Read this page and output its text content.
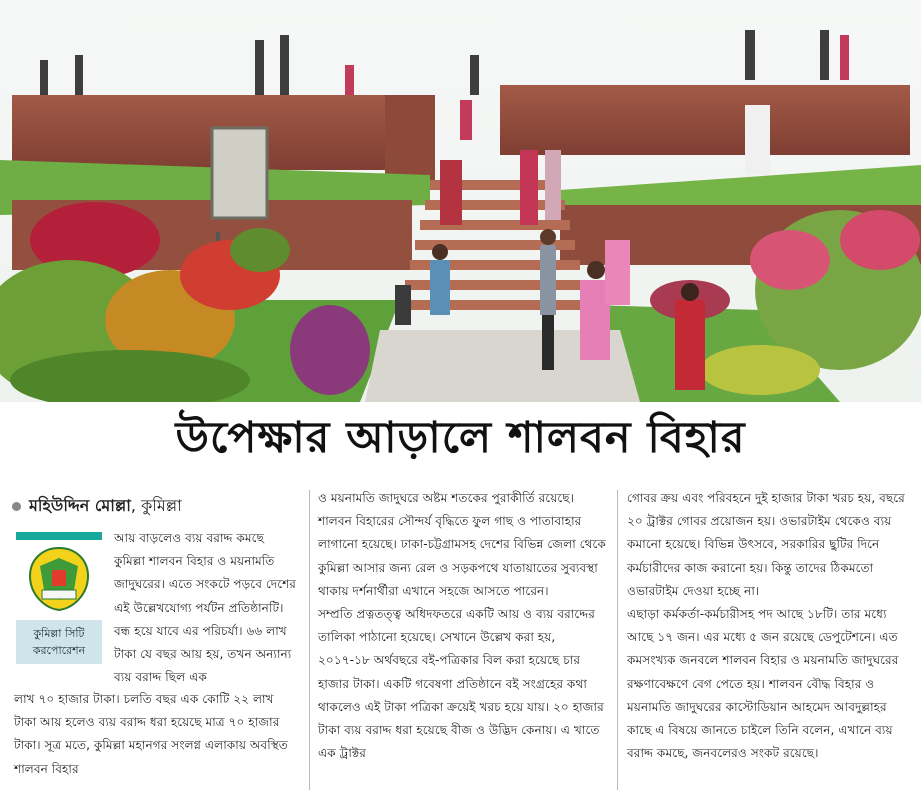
উপেক্ষার আড়ালে শালবন বিহার
মহিউদ্দিন মোল্লা, কুমিল্লা
কুমিল্লা সিটি
করপোরেশন

আয় বাড়লেও ব্যয় বরাদ্দ কমছে কুমিল্লা শালবন বিহার ও ময়নামতি জাদুঘরের। এতে সংকটে পড়বে দেশের এই উল্লেখযোগ্য পর্যটন প্রতিষ্ঠানটি। বন্ধ হয়ে যাবে এর পরিচর্যা। ৬৬ লাখ টাকা যে বছর আয় হয়, তখন অন্যান্য ব্যয় বরাদ্দ ছিল এক

লাখ ৭০ হাজার টাকা। চলতি বছর এক কোটি ২২ লাখ টাকা আয় হলেও ব্যয় বরাদ্দ ধরা হয়েছে মাত্র ৭০ হাজার টাকা। সূত্র মতে, কুমিল্লা মহানগর সংলগ্ন এলাকায় অবস্থিত শালবন বিহার

ও ময়নামতি জাদুঘরে অষ্টম শতকের পুরাকীর্তি রয়েছে। শালবন বিহারের সৌন্দর্য বৃদ্ধিতে ফুল গাছ ও পাতাবাহার লাগানো হয়েছে। ঢাকা-চট্টগ্রামসহ দেশের বিভিন্ন জেলা থেকে কুমিল্লা আসার জন্য রেল ও সড়কপথে যাতায়াতের সুব্যবস্থা থাকায় দর্শনার্থীরা এখানে সহজে আসতে পারেন।

সম্প্রতি প্রত্নতত্ত্ব অধিদফতরে একটি আয় ও ব্যয় বরাদ্দের তালিকা পাঠানো হয়েছে। সেখানে উল্লেখ করা হয়, ২০১৭-১৮ অর্থবছরে বই-পত্রিকার বিল করা হয়েছে চার হাজার টাকা। একটি গবেষণা প্রতিষ্ঠানে বই সংগ্রহের কথা থাকলেও এই টাকা পত্রিকা ক্রয়েই খরচ হয়ে যায়। ২০ হাজার টাকা ব্যয় বরাদ্দ ধরা হয়েছে বীজ ও উদ্ভিদ কেনায়। এ খাতে এক ট্রাক্টর

গোবর ক্রয় এবং পরিবহনে দুই হাজার টাকা খরচ হয়, বছরে ২০ ট্রাক্টর গোবর প্রয়োজন হয়। ওভারটাইম থেকেও ব্যয় কমানো হয়েছে। বিভিন্ন উৎসবে, সরকারির ছুটির দিনে কর্মচারীদের কাজ করানো হয়। কিন্তু তাদের ঠিকমতো ওভারটাইম দেওয়া হচ্ছে না।

এছাড়া কর্মকর্তা-কর্মচারীসহ পদ আছে ১৮টি। তার মধ্যে আছে ১৭ জন। এর মধ্যে ৫ জন রয়েছে ডেপুটেশনে। এত কমসংখ্যক জনবলে শালবন বিহার ও ময়নামতি জাদুঘরের রক্ষণাবেক্ষণে বেগ পেতে হয়। শালবন বৌদ্ধ বিহার ও ময়নামতি জাদুঘরের কাস্টোডিয়ান আহমেদ আবদুল্লাহর কাছে এ বিষয়ে জানতে চাইলে তিনি বলেন, এখানে ব্যয় বরাদ্দ কমছে, জনবলেরও সংকট রয়েছে।
